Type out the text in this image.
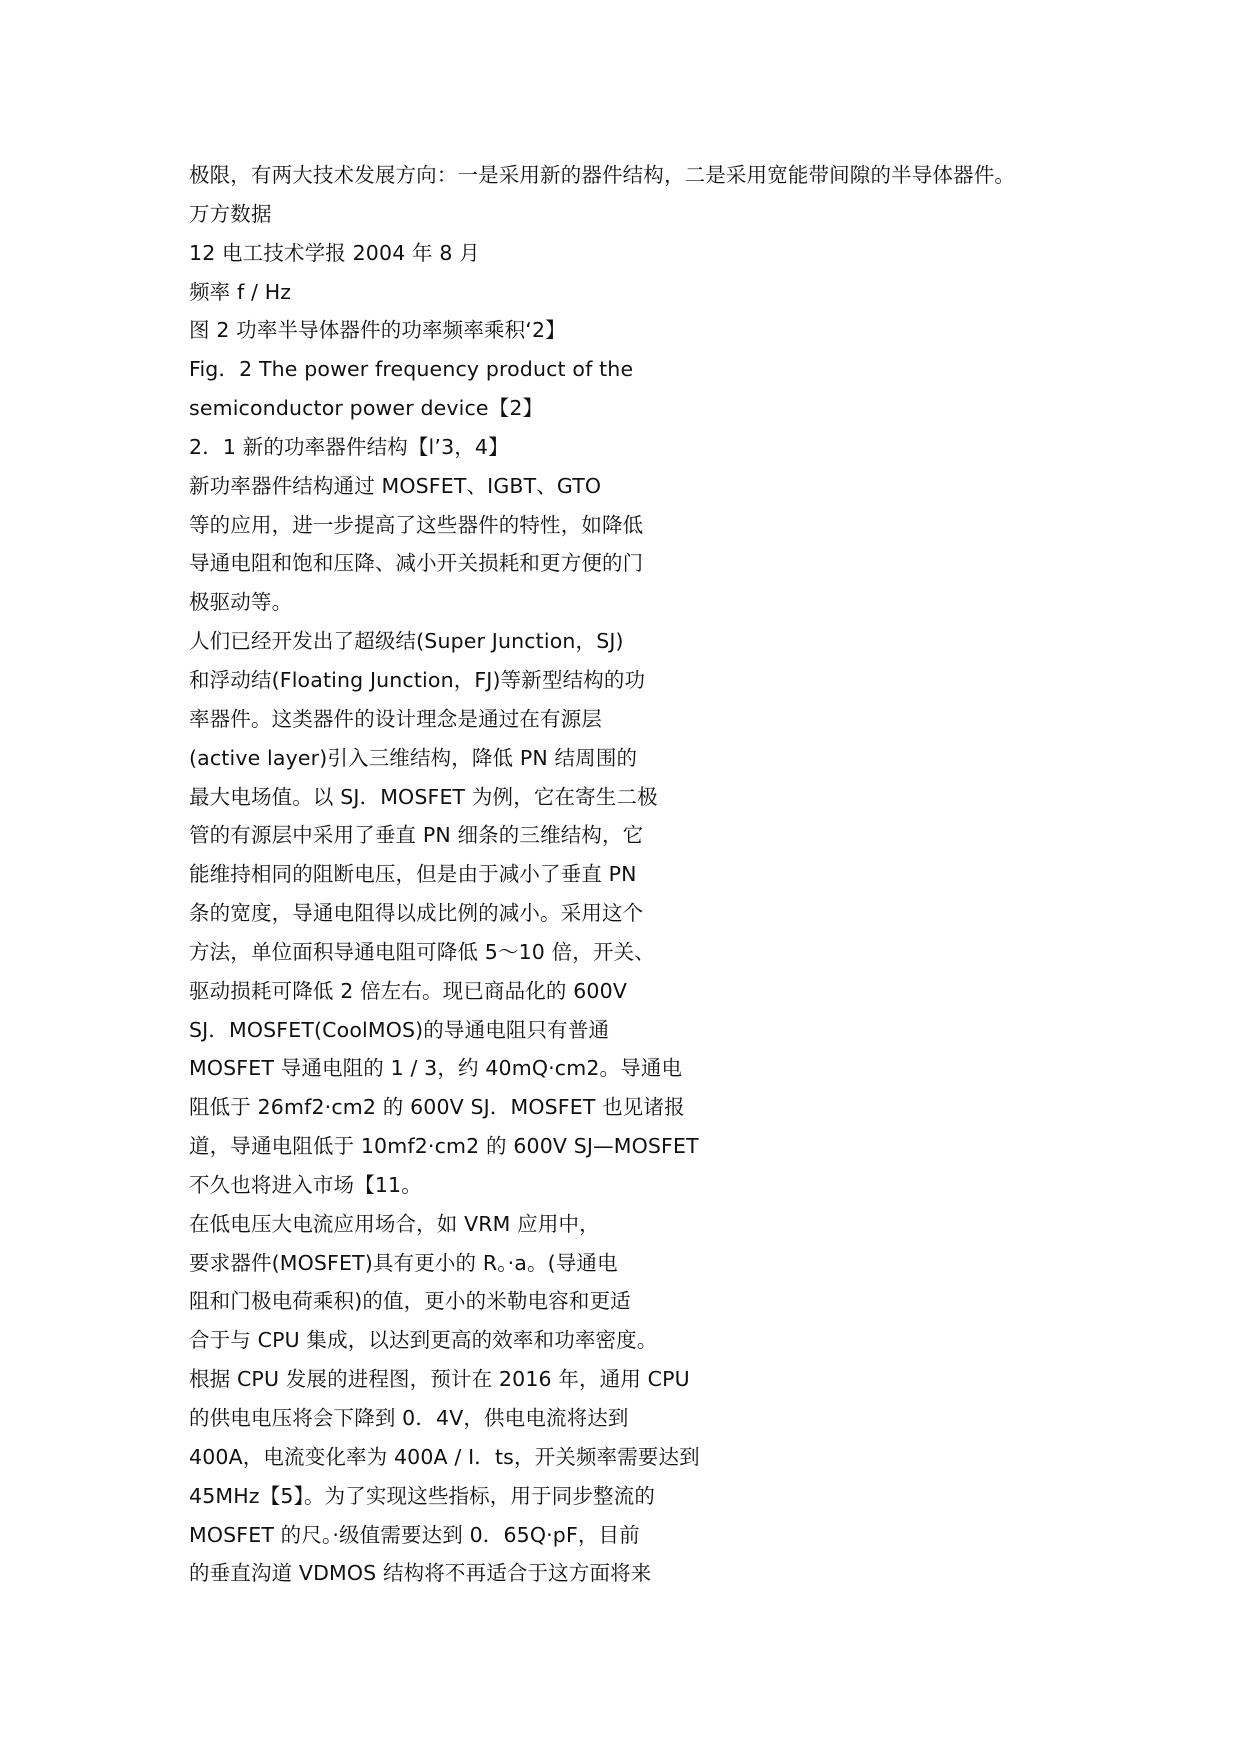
极限，有两大技术发展方向：一是采用新的器件结构，二是采用宽能带间隙的半导体器件。
万方数据
12 电工技术学报 2004 年 8 月
频率 f / Hz
图 2 功率半导体器件的功率频率乘积‘2】
Fig．2 The power frequency product of the
semiconductor power device【2】
2．1 新的功率器件结构【l’3，4】
新功率器件结构通过 MOSFET、IGBT、GTO
等的应用，进一步提高了这些器件的特性，如降低
导通电阻和饱和压降、减小开关损耗和更方便的门
极驱动等。
人们已经开发出了超级结(Super Junction，SJ)
和浮动结(Floating Junction，FJ)等新型结构的功
率器件。这类器件的设计理念是通过在有源层
(active layer)引入三维结构，降低 PN 结周围的
最大电场值。以 SJ．MOSFET 为例，它在寄生二极
管的有源层中采用了垂直 PN 细条的三维结构，它
能维持相同的阻断电压，但是由于减小了垂直 PN
条的宽度，导通电阻得以成比例的减小。采用这个
方法，单位面积导通电阻可降低 5～10 倍，开关、
驱动损耗可降低 2 倍左右。现已商品化的 600V
SJ．MOSFET(CoolMOS)的导通电阻只有普通
MOSFET 导通电阻的 1 / 3，约 40mQ·cm2。导通电
阻低于 26mf2·cm2 的 600V SJ．MOSFET 也见诸报
道，导通电阻低于 10mf2·cm2 的 600V SJ—MOSFET
不久也将进入市场【11。
在低电压大电流应用场合，如 VRM 应用中，
要求器件(MOSFET)具有更小的 R。·a。(导通电
阻和门极电荷乘积)的值，更小的米勒电容和更适
合于与 CPU 集成，以达到更高的效率和功率密度。
根据 CPU 发展的进程图，预计在 2016 年，通用 CPU
的供电电压将会下降到 0．4V，供电电流将达到
400A，电流变化率为 400A / I．ts，开关频率需要达到
45MHz【5】。为了实现这些指标，用于同步整流的
MOSFET 的尺。·级值需要达到 0．65Q·pF，目前
的垂直沟道 VDMOS 结构将不再适合于这方面将来
